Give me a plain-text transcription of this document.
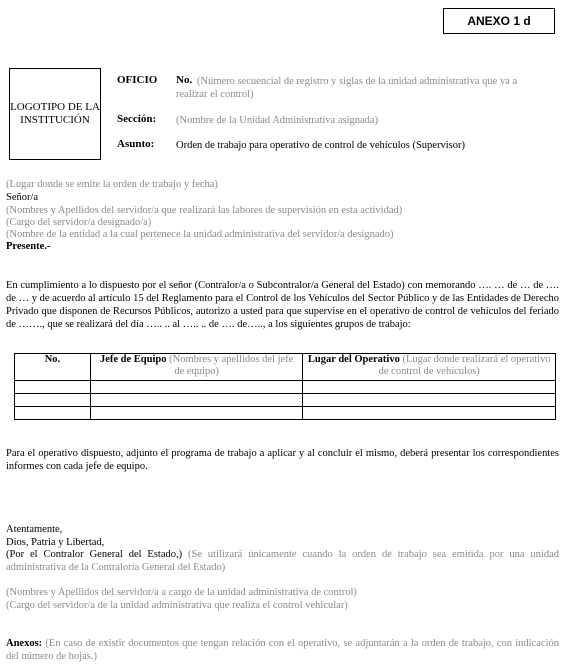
ANEXO 1 d
LOGOTIPO DE LA INSTITUCIÓN
OFICIO No. (Número secuencial de registro y siglas de la unidad administrativa que va a
realizar el control)
Sección: (Nombre de la Unidad Administrativa asignada)
Asunto: Orden de trabajo para operativo de control de vehículos (Supervisor)
(Lugar donde se emite la orden de trabajo y fecha)
Señor/a
(Nombres y Apellidos del servidor/a que realizará las labores de supervisión en esta actividad)
(Cargo del servidor/a designado/a)
(Nombre de la entidad a la cual pertenece la unidad administrativa del servidor/a designado)
Presente.-
En cumplimiento a lo dispuesto por el señor (Contralor/a o Subcontralor/a General del Estado) con memorando …. … de … de …. de … y de acuerdo al artículo 15 del Reglamento para el Control de los Vehículos del Sector Público y de las Entidades de Derecho Privado que disponen de Recursos Públicos, autorizo a usted para que supervise en el operativo de control de vehículos del feriado de ……., que se realizará del día ….. .. al ….. .. de …. de….., a los siguientes grupos de trabajo:
No.	Jefe de Equipo (Nombres y apellidos del jefe de equipo)	Lugar del Operativo (Lugar donde realizará el operativo de control de vehículos)

Para el operativo dispuesto, adjunto el programa de trabajo a aplicar y al concluir el mismo, deberá presentar los correspondientes informes con cada jefe de equipo.
Atentamente,
Dios, Patria y Libertad,
(Por el Contralor General del Estado,) (Se utilizará únicamente cuando la orden de trabajo sea emitida por una unidad administrativa de la Contraloría General del Estado)
(Nombres y Apellidos del servidor/a a cargo de la unidad administrativa de control)
(Cargo del servidor/a de la unidad administrativa que realiza el control vehicular)
Anexos: (En caso de existir documentos que tengan relación con el operativo, se adjuntarán a la orden de trabajo, con indicación del número de hojas.)
